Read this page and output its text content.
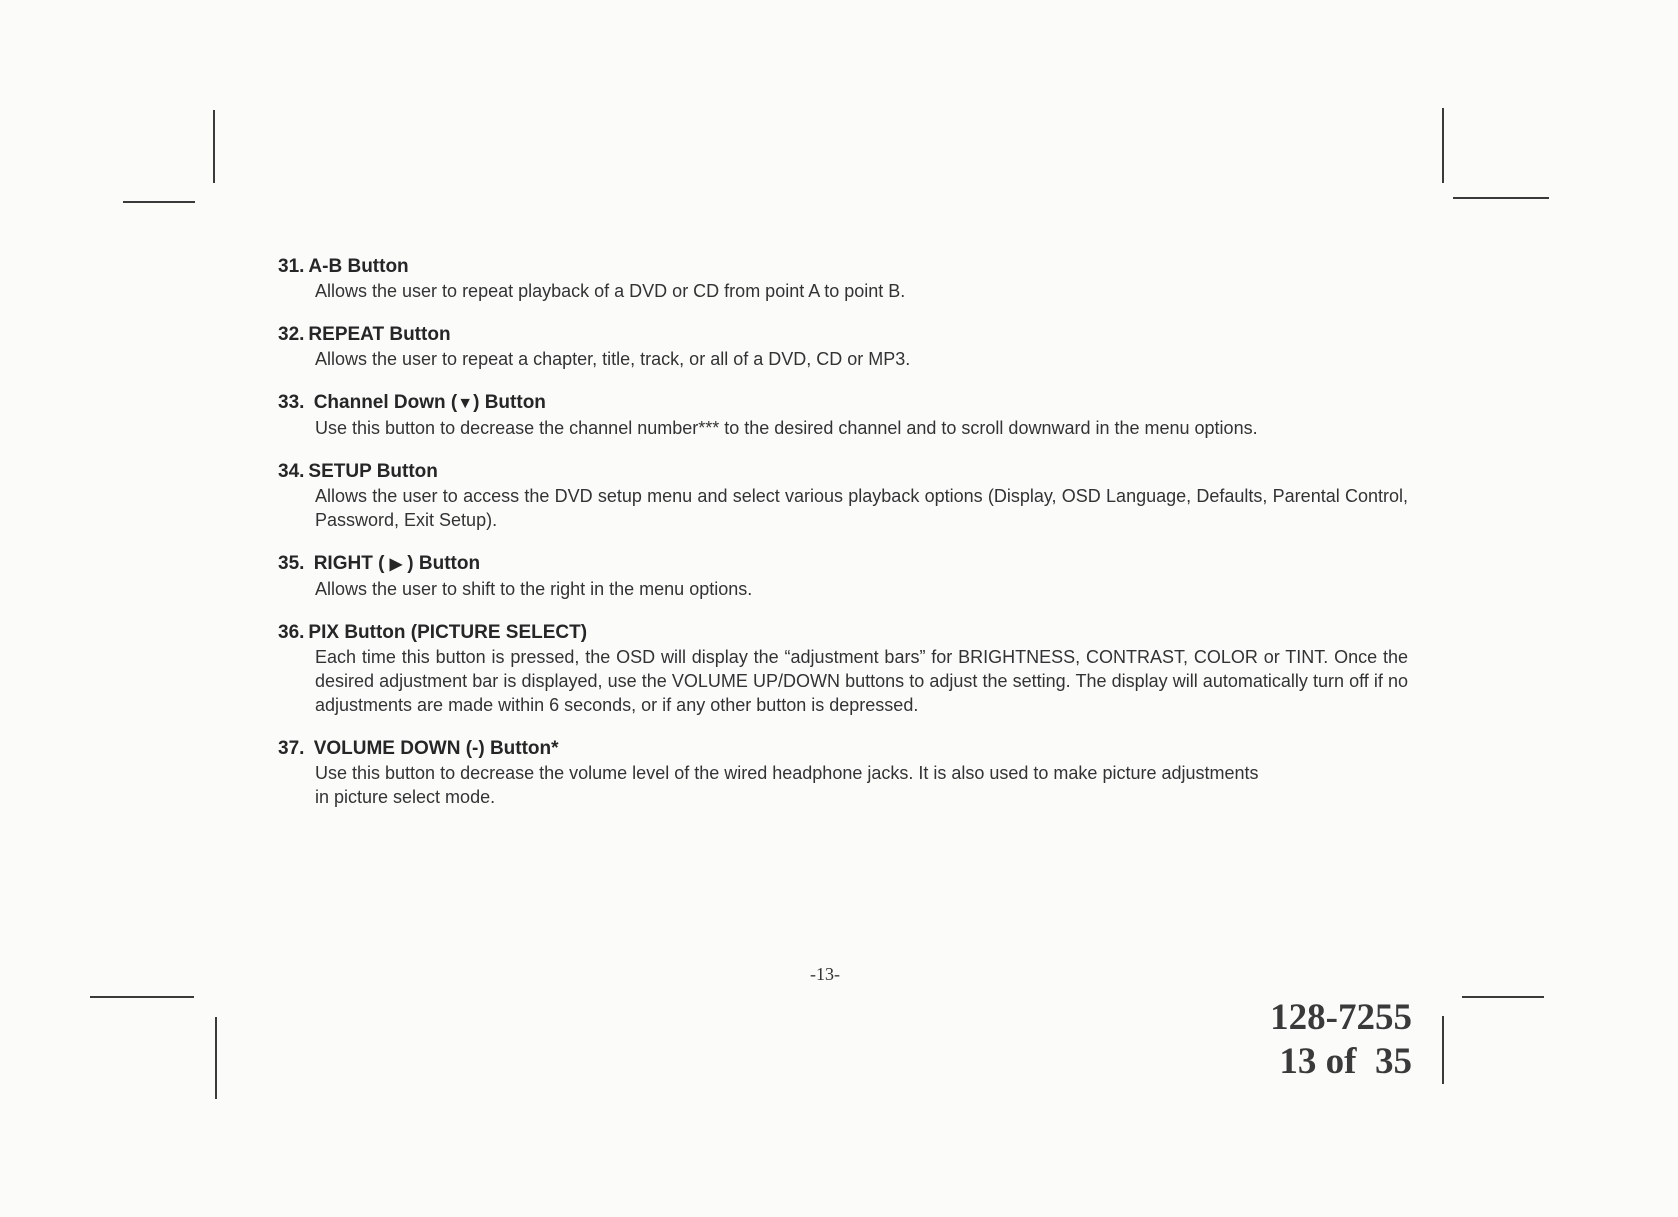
31. A-B Button

Allows the user to repeat playback of a DVD or CD from point A to point B.

32. REPEAT Button

Allows the user to repeat a chapter, title, track, or all of a DVD, CD or MP3.

33. Channel Down (▼) Button

Use this button to decrease the channel number*** to the desired channel and to scroll downward in the menu options.

34. SETUP Button

Allows the user to access the DVD setup menu and select various playback options (Display, OSD Language, Defaults, Parental Control, Password, Exit Setup).

35. RIGHT ( ▶ ) Button

Allows the user to shift to the right in the menu options.

36. PIX Button (PICTURE SELECT)

Each time this button is pressed, the OSD will display the “adjustment bars” for BRIGHTNESS, CONTRAST, COLOR or TINT. Once the desired adjustment bar is displayed, use the VOLUME UP/DOWN buttons to adjust the setting. The display will automatically turn off if no adjustments are made within 6 seconds, or if any other button is depressed.

37. VOLUME DOWN (-) Button*

Use this button to decrease the volume level of the wired headphone jacks. It is also used to make picture adjustments

in picture select mode.

-13-
128-7255
13 of  35
